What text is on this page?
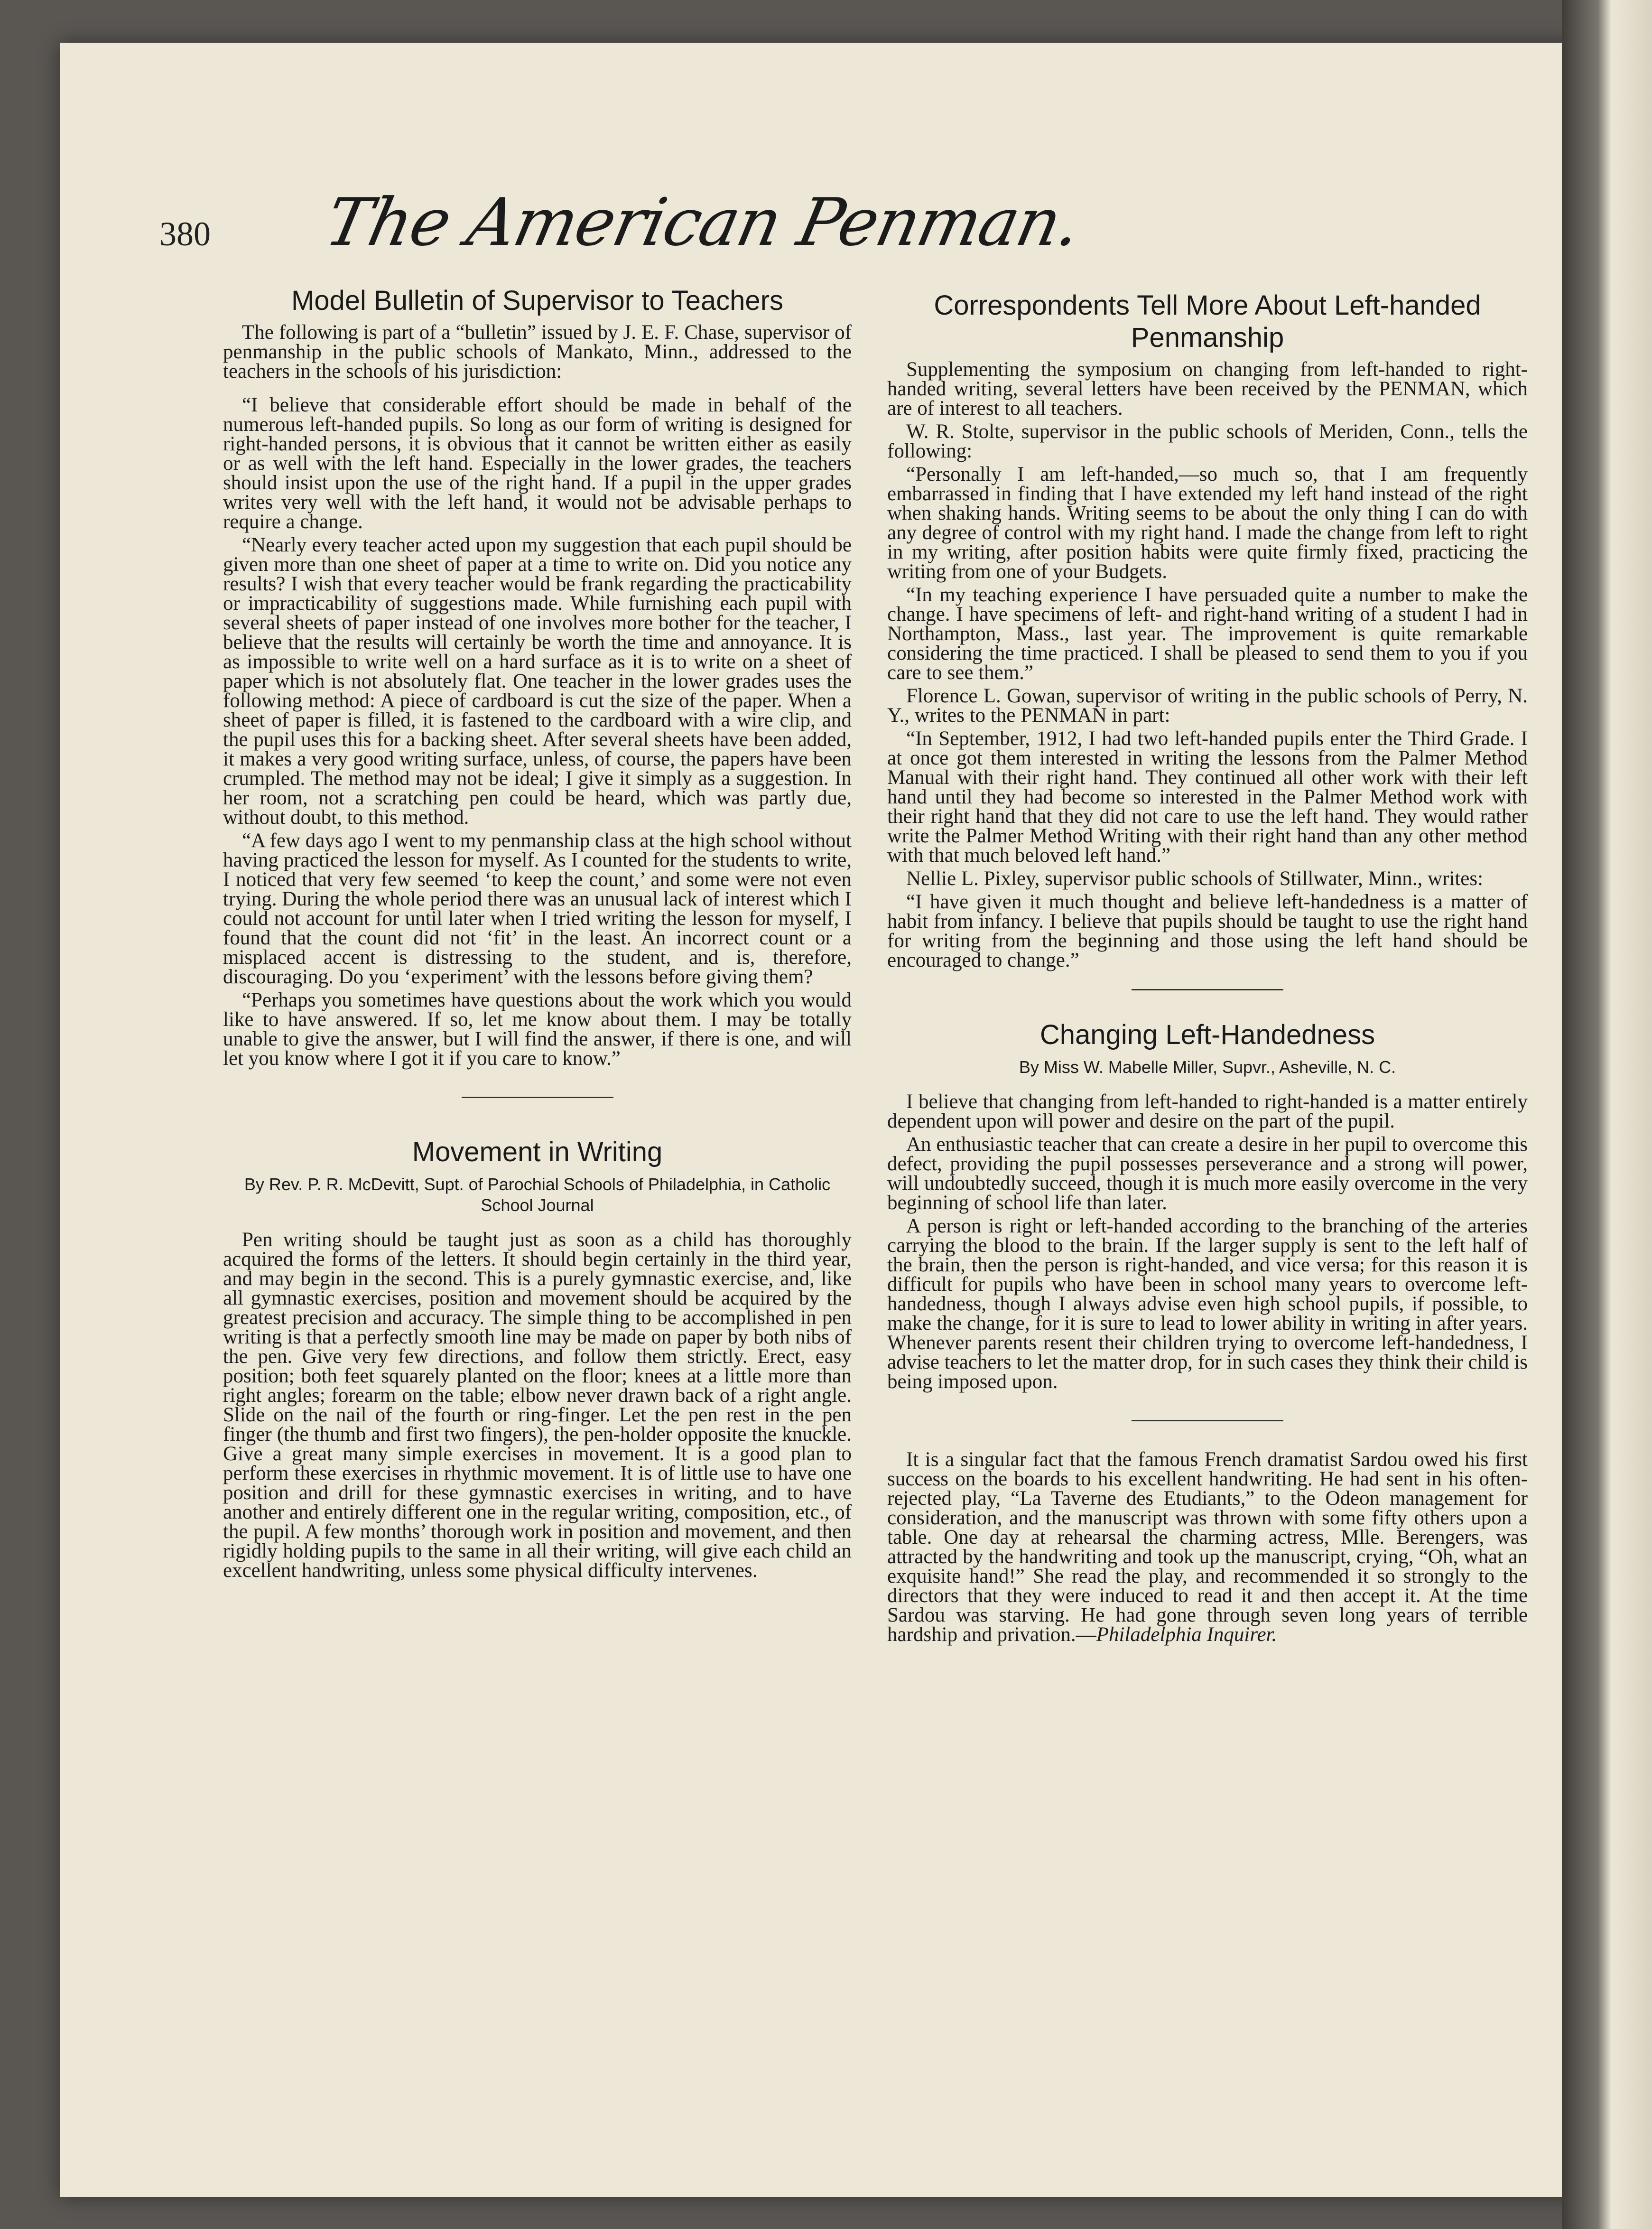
380 The American Penman.
Model Bulletin of Supervisor to Teachers

The following is part of a “bulletin” issued by J. E. F. Chase, supervisor of penmanship in the public schools of Mankato, Minn., addressed to the teachers in the schools of his jurisdiction:

“I believe that considerable effort should be made in behalf of the numerous left-handed pupils. So long as our form of writing is designed for right-handed persons, it is obvious that it cannot be written either as easily or as well with the left hand. Especially in the lower grades, the teachers should insist upon the use of the right hand. If a pupil in the upper grades writes very well with the left hand, it would not be advisable perhaps to require a change.

“Nearly every teacher acted upon my suggestion that each pupil should be given more than one sheet of paper at a time to write on. Did you notice any results? I wish that every teacher would be frank regarding the practicability or impracticability of suggestions made. While furnishing each pupil with several sheets of paper instead of one involves more bother for the teacher, I believe that the results will certainly be worth the time and annoyance. It is as impossible to write well on a hard surface as it is to write on a sheet of paper which is not absolutely flat. One teacher in the lower grades uses the following method: A piece of cardboard is cut the size of the paper. When a sheet of paper is filled, it is fastened to the cardboard with a wire clip, and the pupil uses this for a backing sheet. After several sheets have been added, it makes a very good writing surface, unless, of course, the papers have been crumpled. The method may not be ideal; I give it simply as a suggestion. In her room, not a scratching pen could be heard, which was partly due, without doubt, to this method.

“A few days ago I went to my penmanship class at the high school without having practiced the lesson for myself. As I counted for the students to write, I noticed that very few seemed ‘to keep the count,’ and some were not even trying. During the whole period there was an unusual lack of interest which I could not account for until later when I tried writing the lesson for myself, I found that the count did not ‘fit’ in the least. An incorrect count or a misplaced accent is distressing to the student, and is, therefore, discouraging. Do you ‘experiment’ with the lessons before giving them?

“Perhaps you sometimes have questions about the work which you would like to have answered. If so, let me know about them. I may be totally unable to give the answer, but I will find the answer, if there is one, and will let you know where I got it if you care to know.”

Movement in Writing
By Rev. P. R. McDevitt, Supt. of Parochial Schools of Philadelphia, in Catholic School Journal

Pen writing should be taught just as soon as a child has thoroughly acquired the forms of the letters. It should begin certainly in the third year, and may begin in the second. This is a purely gymnastic exercise, and, like all gymnastic exercises, position and movement should be acquired by the greatest precision and accuracy. The simple thing to be accomplished in pen writing is that a perfectly smooth line may be made on paper by both nibs of the pen. Give very few directions, and follow them strictly. Erect, easy position; both feet squarely planted on the floor; knees at a little more than right angles; forearm on the table; elbow never drawn back of a right angle. Slide on the nail of the fourth or ring-finger. Let the pen rest in the pen finger (the thumb and first two fingers), the pen-holder opposite the knuckle. Give a great many simple exercises in movement. It is a good plan to perform these exercises in rhythmic movement. It is of little use to have one position and drill for these gymnastic exercises in writing, and to have another and entirely different one in the regular writing, composition, etc., of the pupil. A few months’ thorough work in position and movement, and then rigidly holding pupils to the same in all their writing, will give each child an excellent handwriting, unless some physical difficulty intervenes.

Correspondents Tell More About Left-handed Penmanship

Supplementing the symposium on changing from left-handed to right-handed writing, several letters have been received by the PENMAN, which are of interest to all teachers.

W. R. Stolte, supervisor in the public schools of Meriden, Conn., tells the following:

“Personally I am left-handed,—so much so, that I am frequently embarrassed in finding that I have extended my left hand instead of the right when shaking hands. Writing seems to be about the only thing I can do with any degree of control with my right hand. I made the change from left to right in my writing, after position habits were quite firmly fixed, practicing the writing from one of your Budgets.

“In my teaching experience I have persuaded quite a number to make the change. I have specimens of left- and right-hand writing of a student I had in Northampton, Mass., last year. The improvement is quite remarkable considering the time practiced. I shall be pleased to send them to you if you care to see them.”

Florence L. Gowan, supervisor of writing in the public schools of Perry, N. Y., writes to the PENMAN in part:

“In September, 1912, I had two left-handed pupils enter the Third Grade. I at once got them interested in writing the lessons from the Palmer Method Manual with their right hand. They continued all other work with their left hand until they had become so interested in the Palmer Method work with their right hand that they did not care to use the left hand. They would rather write the Palmer Method Writing with their right hand than any other method with that much beloved left hand.”

Nellie L. Pixley, supervisor public schools of Stillwater, Minn., writes:

“I have given it much thought and believe left-handedness is a matter of habit from infancy. I believe that pupils should be taught to use the right hand for writing from the beginning and those using the left hand should be encouraged to change.”

Changing Left-Handedness
By Miss W. Mabelle Miller, Supvr., Asheville, N. C.

I believe that changing from left-handed to right-handed is a matter entirely dependent upon will power and desire on the part of the pupil.

An enthusiastic teacher that can create a desire in her pupil to overcome this defect, providing the pupil possesses perseverance and a strong will power, will undoubtedly succeed, though it is much more easily overcome in the very beginning of school life than later.

A person is right or left-handed according to the branching of the arteries carrying the blood to the brain. If the larger supply is sent to the left half of the brain, then the person is right-handed, and vice versa; for this reason it is difficult for pupils who have been in school many years to overcome left-handedness, though I always advise even high school pupils, if possible, to make the change, for it is sure to lead to lower ability in writing in after years. Whenever parents resent their children trying to overcome left-handedness, I advise teachers to let the matter drop, for in such cases they think their child is being imposed upon.

It is a singular fact that the famous French dramatist Sardou owed his first success on the boards to his excellent handwriting. He had sent in his often-rejected play, “La Taverne des Etudiants,” to the Odeon management for consideration, and the manuscript was thrown with some fifty others upon a table. One day at rehearsal the charming actress, Mlle. Berengers, was attracted by the handwriting and took up the manuscript, crying, “Oh, what an exquisite hand!” She read the play, and recommended it so strongly to the directors that they were induced to read it and then accept it. At the time Sardou was starving. He had gone through seven long years of terrible hardship and privation.—Philadelphia Inquirer.
